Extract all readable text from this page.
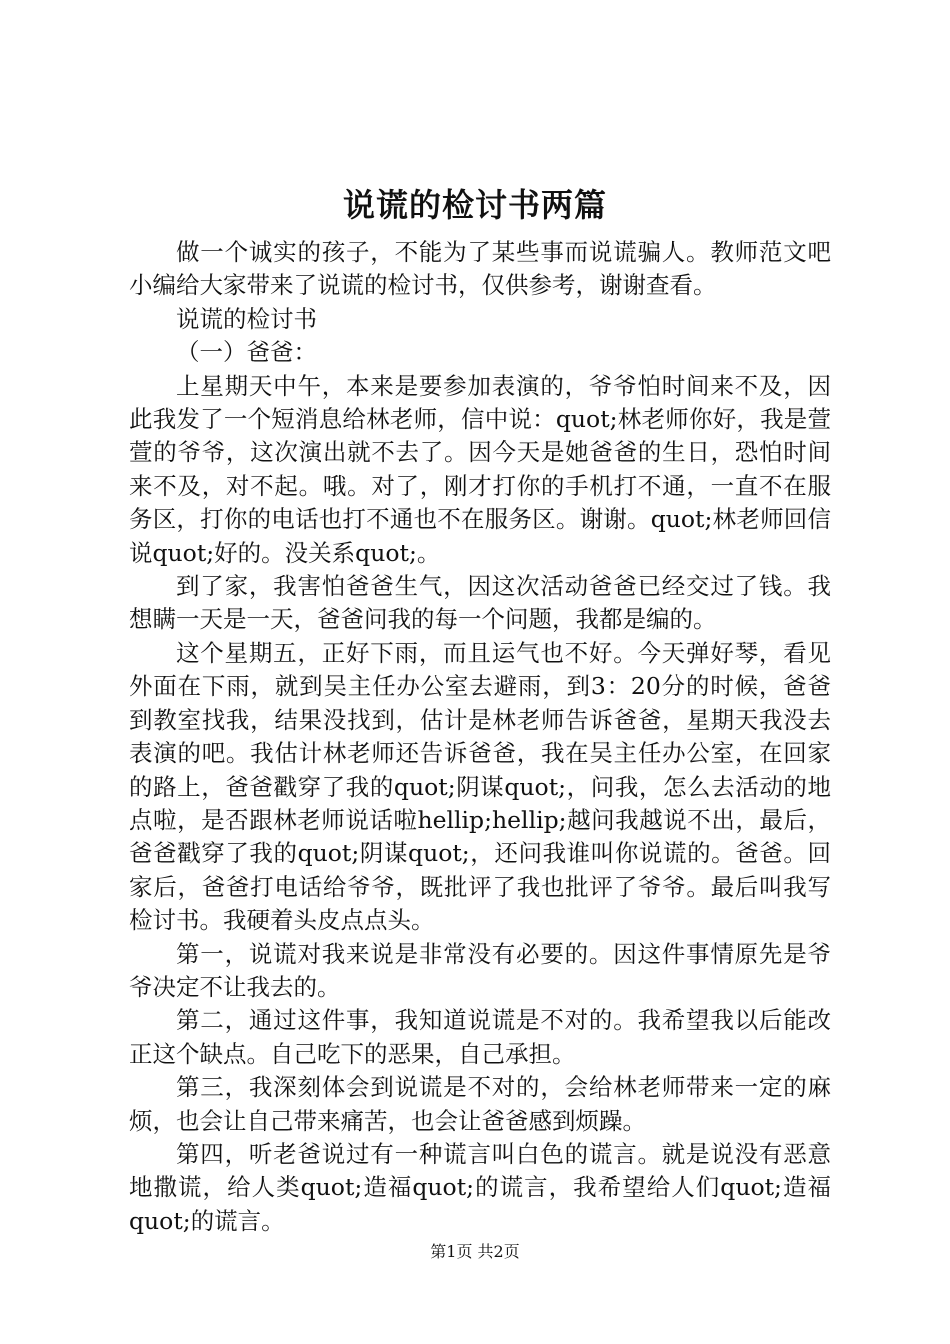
说谎的检讨书两篇

做一个诚实的孩子，不能为了某些事而说谎骗人。教师范文吧小编给大家带来了说谎的检讨书，仅供参考，谢谢查看。

说谎的检讨书

（一）爸爸：

上星期天中午，本来是要参加表演的，爷爷怕时间来不及，因此我发了一个短消息给林老师，信中说：quot;林老师你好，我是萱萱的爷爷，这次演出就不去了。因今天是她爸爸的生日，恐怕时间来不及，对不起。哦。对了，刚才打你的手机打不通，一直不在服务区，打你的电话也打不通也不在服务区。谢谢。quot;林老师回信说quot;好的。没关系quot;。

到了家，我害怕爸爸生气，因这次活动爸爸已经交过了钱。我想瞒一天是一天，爸爸问我的每一个问题，我都是编的。

这个星期五，正好下雨，而且运气也不好。今天弹好琴，看见外面在下雨，就到吴主任办公室去避雨，到3：20分的时候，爸爸到教室找我，结果没找到，估计是林老师告诉爸爸，星期天我没去表演的吧。我估计林老师还告诉爸爸，我在吴主任办公室，在回家的路上，爸爸戳穿了我的quot;阴谋quot;，问我，怎么去活动的地点啦，是否跟林老师说话啦hellip;hellip;越问我越说不出，最后，爸爸戳穿了我的quot;阴谋quot;，还问我谁叫你说谎的。爸爸。回家后，爸爸打电话给爷爷，既批评了我也批评了爷爷。最后叫我写检讨书。我硬着头皮点点头。

第一，说谎对我来说是非常没有必要的。因这件事情原先是爷爷决定不让我去的。

第二，通过这件事，我知道说谎是不对的。我希望我以后能改正这个缺点。自己吃下的恶果，自己承担。

第三，我深刻体会到说谎是不对的，会给林老师带来一定的麻烦，也会让自己带来痛苦，也会让爸爸感到烦躁。

第四，听老爸说过有一种谎言叫白色的谎言。就是说没有恶意地撒谎，给人类quot;造福quot;的谎言，我希望给人们quot;造福quot;的谎言。

第1页 共2页
